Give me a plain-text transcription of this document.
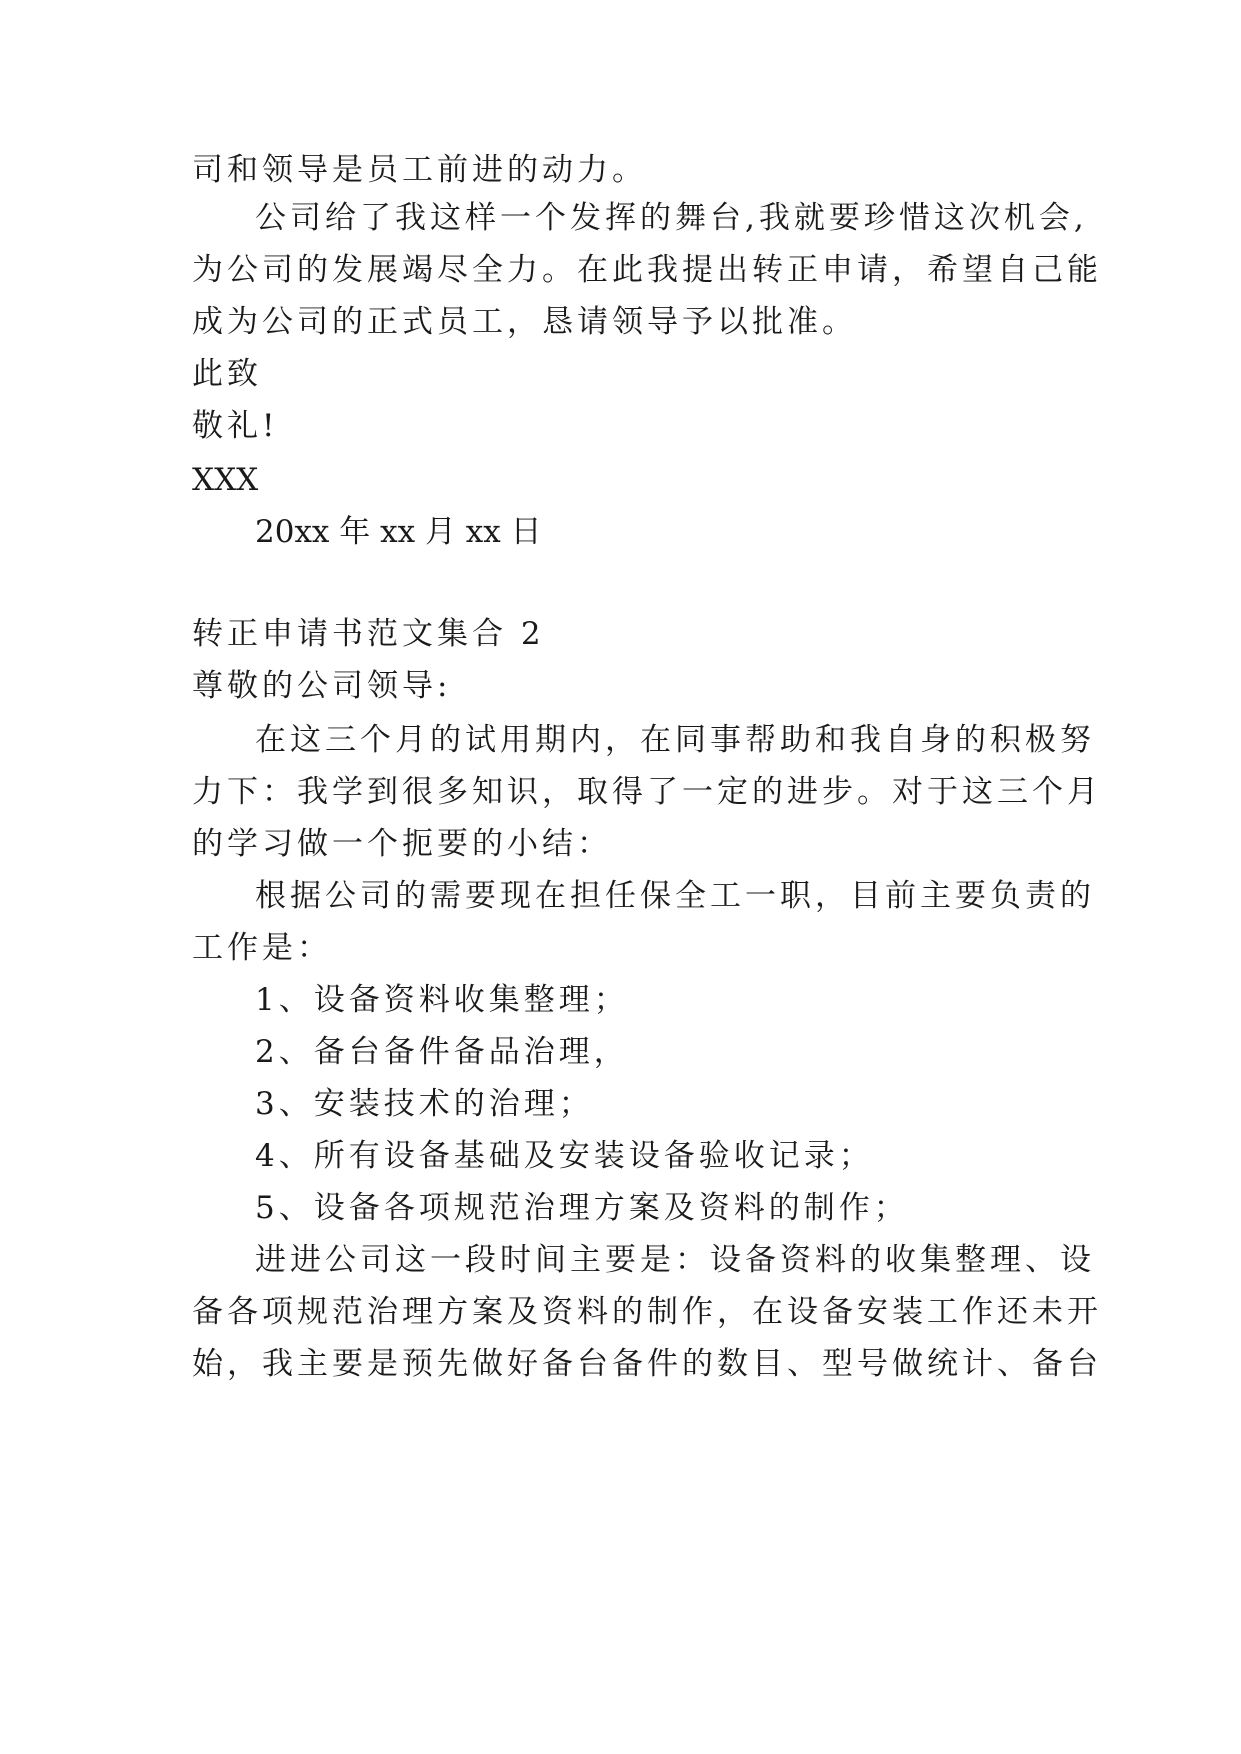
司和领导是员工前进的动力。
公司给了我这样一个发挥的舞台,我就要珍惜这次机会,
为公司的发展竭尽全力。在此我提出转正申请，希望自己能
成为公司的正式员工，恳请领导予以批准。
此致
敬礼!
XXX
20xx 年 xx 月 xx 日
转正申请书范文集合 2
尊敬的公司领导:
在这三个月的试用期内，在同事帮助和我自身的积极努
力下：我学到很多知识，取得了一定的进步。对于这三个月
的学习做一个扼要的小结：
根据公司的需要现在担任保全工一职，目前主要负责的
工作是：
1、设备资料收集整理；
2、备台备件备品治理，
3、安装技术的治理；
4、所有设备基础及安装设备验收记录；
5、设备各项规范治理方案及资料的制作；
进进公司这一段时间主要是：设备资料的收集整理、设
备各项规范治理方案及资料的制作，在设备安装工作还未开
始，我主要是预先做好备台备件的数目、型号做统计、备台
